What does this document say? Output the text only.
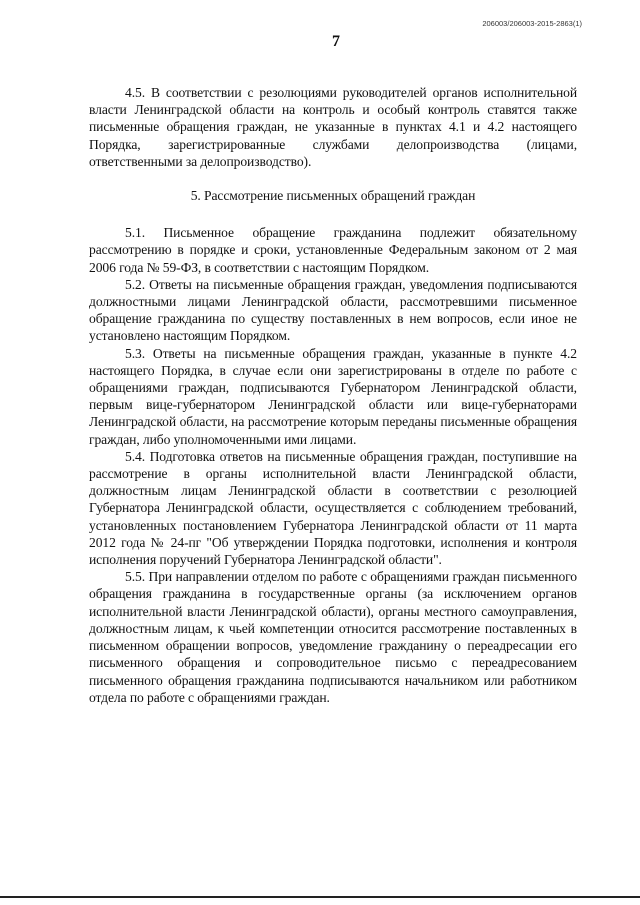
206003/206003-2015-2863(1)
7

4.5. В соответствии с резолюциями руководителей органов исполнительной власти Ленинградской области на контроль и особый контроль ставятся также письменные обращения граждан, не указанные в пунктах 4.1 и 4.2 настоящего Порядка, зарегистрированные службами делопроизводства (лицами, ответственными за делопроизводство).

5. Рассмотрение письменных обращений граждан

5.1. Письменное обращение гражданина подлежит обязательному рассмотрению в порядке и сроки, установленные Федеральным законом от 2 мая 2006 года № 59-ФЗ, в соответствии с настоящим Порядком.

5.2. Ответы на письменные обращения граждан, уведомления подписываются должностными лицами Ленинградской области, рассмотревшими письменное обращение гражданина по существу поставленных в нем вопросов, если иное не установлено настоящим Порядком.

5.3. Ответы на письменные обращения граждан, указанные в пункте 4.2 настоящего Порядка, в случае если они зарегистрированы в отделе по работе с обращениями граждан, подписываются Губернатором Ленинградской области, первым вице-губернатором Ленинградской области или вице-губернаторами Ленинградской области, на рассмотрение которым переданы письменные обращения граждан, либо уполномоченными ими лицами.

5.4. Подготовка ответов на письменные обращения граждан, поступившие на рассмотрение в органы исполнительной власти Ленинградской области, должностным лицам Ленинградской области в соответствии с резолюцией Губернатора Ленинградской области, осуществляется с соблюдением требований, установленных постановлением Губернатора Ленинградской области от 11 марта 2012 года № 24-пг "Об утверждении Порядка подготовки, исполнения и контроля исполнения поручений Губернатора Ленинградской области".

5.5. При направлении отделом по работе с обращениями граждан письменного обращения гражданина в государственные органы (за исключением органов исполнительной власти Ленинградской области), органы местного самоуправления, должностным лицам, к чьей компетенции относится рассмотрение поставленных в письменном обращении вопросов, уведомление гражданину о переадресации его письменного обращения и сопроводительное письмо с переадресованием письменного обращения гражданина подписываются начальником или работником отдела по работе с обращениями граждан.
